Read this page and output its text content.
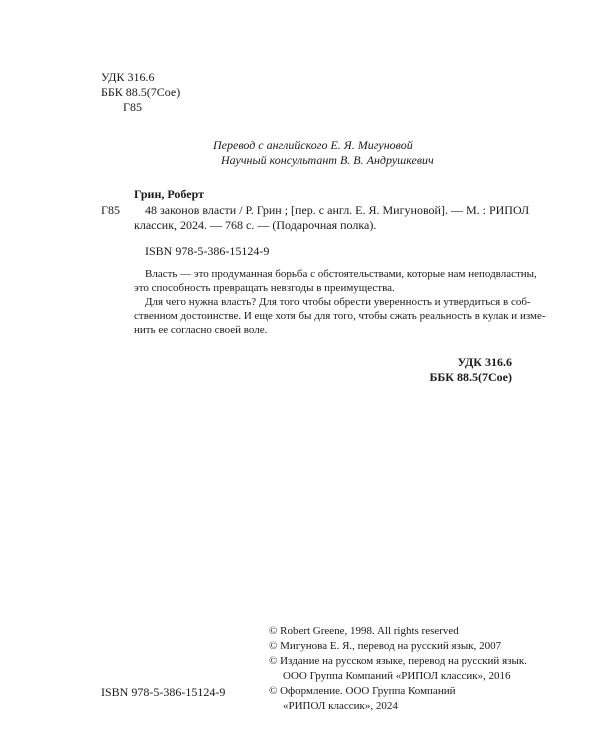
УДК 316.6
ББК 88.5(7Сое)
Г85
Перевод с английского Е. Я. Мигуновой
Научный консультант В. В. Андрушкевич
Грин, Роберт
Г85 48 законов власти / Р. Грин ; [пер. с англ. Е. Я. Мигуновой]. — М. : РИПОЛ
классик, 2024. — 768 с. — (Подарочная полка).
ISBN 978-5-386-15124-9
Власть — это продуманная борьба с обстоятельствами, которые нам неподвластны,
это способность превращать невзгоды в преимущества.
Для чего нужна власть? Для того чтобы обрести уверенность и утвердиться в соб-
ственном достоинстве. И еще хотя бы для того, чтобы сжать реальность в кулак и изме-
нить ее согласно своей воле.
УДК 316.6
ББК 88.5(7Сое)
ISBN 978-5-386-15124-9
© Robert Greene, 1998. All rights reserved
© Мигунова Е. Я., перевод на русский язык, 2007
© Издание на русском языке, перевод на русский язык.
ООО Группа Компаний «РИПОЛ классик», 2016
© Оформление. ООО Группа Компаний
«РИПОЛ классик», 2024
